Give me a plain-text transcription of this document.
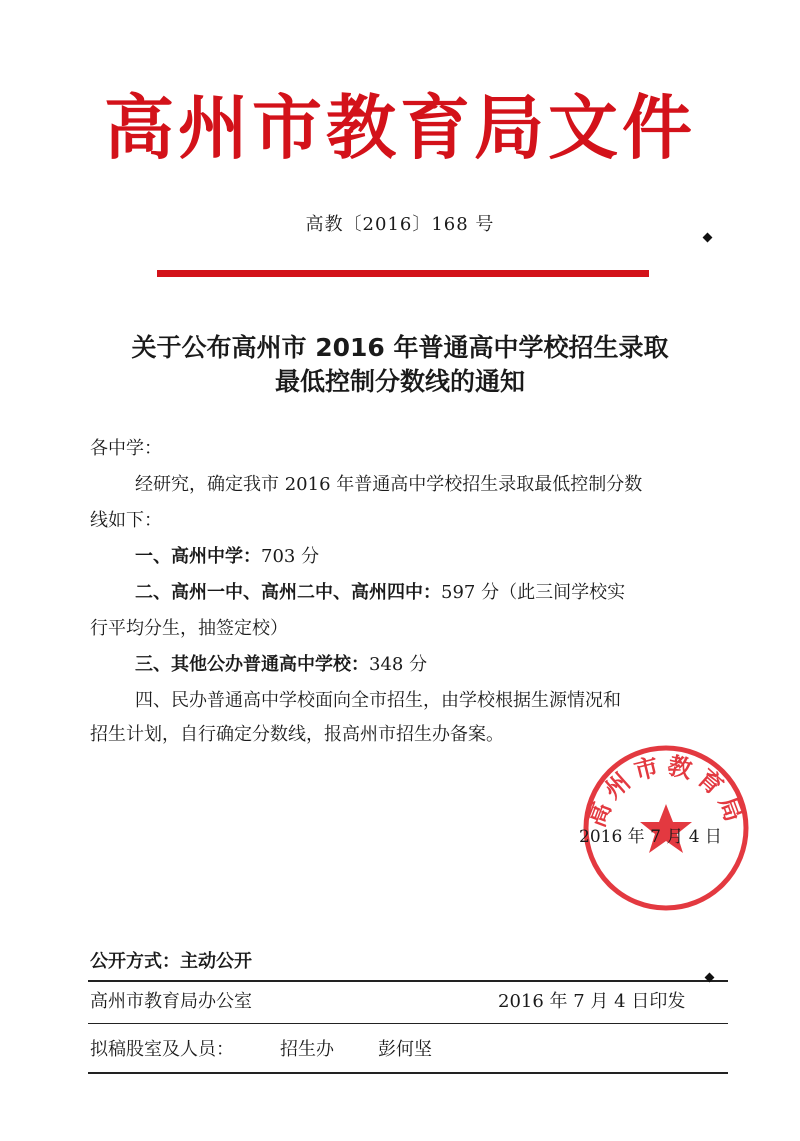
高州市教育局文件
高教〔2016〕168 号
关于公布高州市 2016 年普通高中学校招生录取
最低控制分数线的通知
各中学：
经研究，确定我市 2016 年普通高中学校招生录取最低控制分数
线如下：
一、高州中学：703 分
二、高州一中、高州二中、高州四中：597 分（此三间学校实
行平均分生，抽签定校）
三、其他公办普通高中学校：348 分
四、民办普通高中学校面向全市招生，由学校根据生源情况和
招生计划，自行确定分数线，报高州市招生办备案。
高州市教育局
2016 年 7 月 4 日
公开方式：主动公开
高州市教育局办公室	2016 年 7 月 4 日印发
拟稿股室及人员：	招生办 彭何坚
